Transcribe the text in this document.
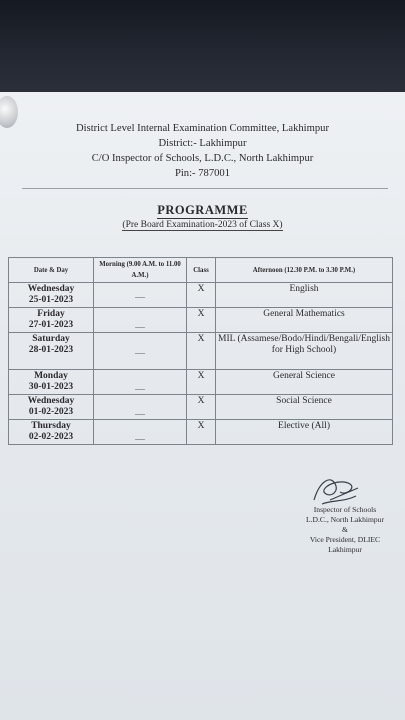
District Level Internal Examination Committee, Lakhimpur
District:- Lakhimpur
C/O Inspector of Schools, L.D.C., North Lakhimpur
Pin:- 787001
PROGRAMME
(Pre Board Examination-2023 of Class X)
Date & Day	Morning (9.00 A.M. to 11.00 A.M.)	Class	Afternoon (12.30 P.M. to 3.30 P.M.)

Wednesday
25-01-2023	.....	X	English

Friday
27-01-2023	.....	X	General Mathematics

Saturday
28-01-2023	.....	X	MIL (Assamese/Bodo/Hindi/Bengali/English for High School)

Monday
30-01-2023	.....	X	General Science

Wednesday
01-02-2023	.....	X	Social Science

Thursday
02-02-2023	.....	X	Elective (All)
Inspector of Schools
L.D.C., North Lakhimpur
&
Vice President, DLIEC
Lakhimpur
